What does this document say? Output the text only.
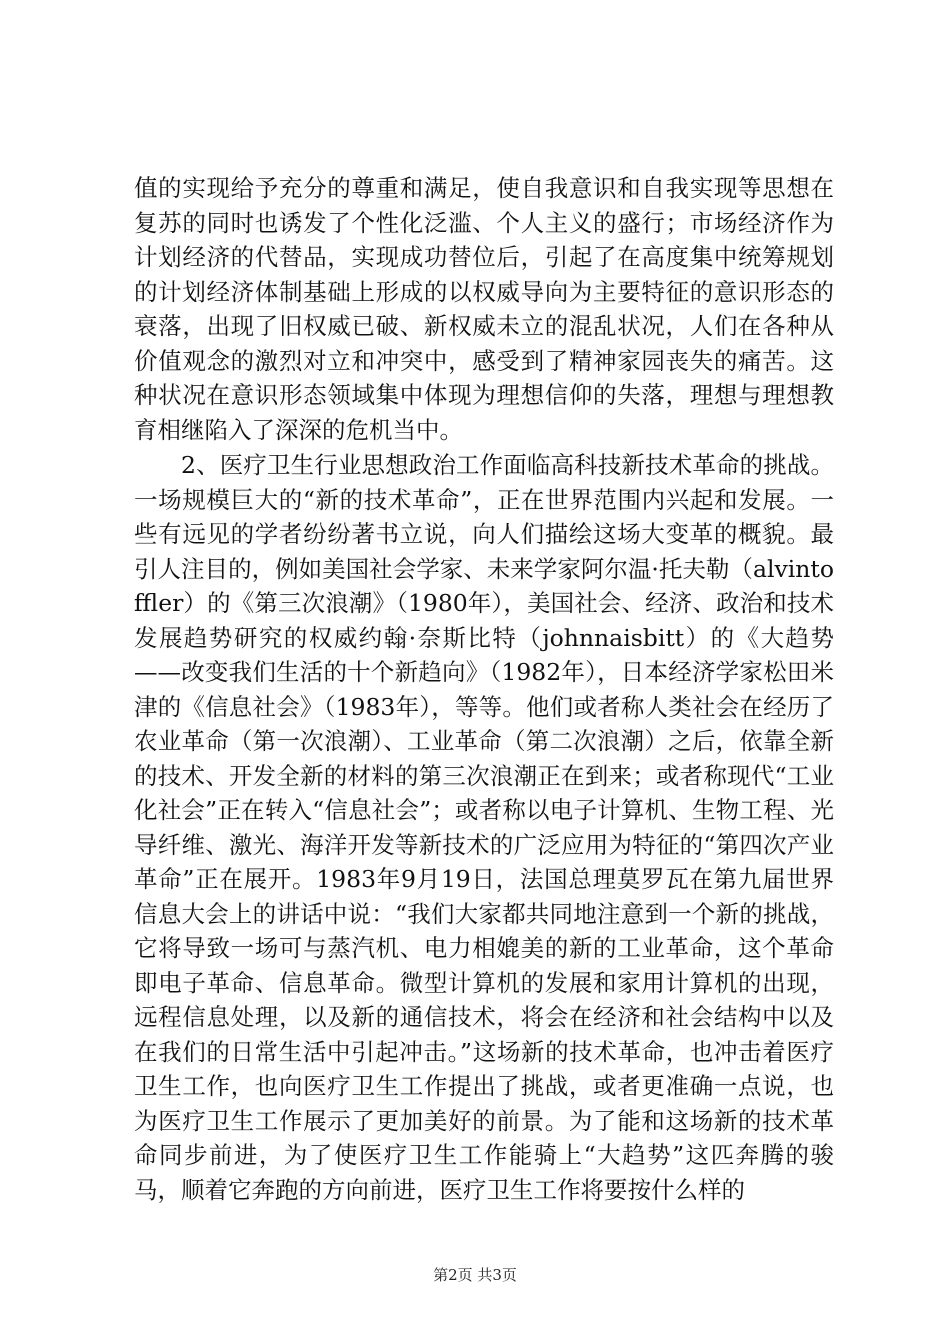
值的实现给予充分的尊重和满足，使自我意识和自我实现等思想在复苏的同时也诱发了个性化泛滥、个人主义的盛行；市场经济作为计划经济的代替品，实现成功替位后，引起了在高度集中统筹规划的计划经济体制基础上形成的以权威导向为主要特征的意识形态的衰落，出现了旧权威已破、新权威未立的混乱状况，人们在各种从价值观念的激烈对立和冲突中，感受到了精神家园丧失的痛苦。这种状况在意识形态领域集中体现为理想信仰的失落，理想与理想教育相继陷入了深深的危机当中。

2、医疗卫生行业思想政治工作面临高科技新技术革命的挑战。一场规模巨大的“新的技术革命”，正在世界范围内兴起和发展。一些有远见的学者纷纷著书立说，向人们描绘这场大变革的概貌。最引人注目的，例如美国社会学家、未来学家阿尔温·托夫勒（alvintoffler）的《第三次浪潮》（1980年），美国社会、经济、政治和技术发展趋势研究的权威约翰·奈斯比特（johnnaisbitt）的《大趋势——改变我们生活的十个新趋向》（1982年），日本经济学家松田米津的《信息社会》（1983年），等等。他们或者称人类社会在经历了农业革命（第一次浪潮）、工业革命（第二次浪潮）之后，依靠全新的技术、开发全新的材料的第三次浪潮正在到来；或者称现代“工业化社会”正在转入“信息社会”；或者称以电子计算机、生物工程、光导纤维、激光、海洋开发等新技术的广泛应用为特征的“第四次产业革命”正在展开。1983年9月19日，法国总理莫罗瓦在第九届世界信息大会上的讲话中说：“我们大家都共同地注意到一个新的挑战，它将导致一场可与蒸汽机、电力相媲美的新的工业革命，这个革命即电子革命、信息革命。微型计算机的发展和家用计算机的出现，远程信息处理，以及新的通信技术，将会在经济和社会结构中以及在我们的日常生活中引起冲击。”这场新的技术革命，也冲击着医疗卫生工作，也向医疗卫生工作提出了挑战，或者更准确一点说，也为医疗卫生工作展示了更加美好的前景。为了能和这场新的技术革命同步前进，为了使医疗卫生工作能骑上“大趋势”这匹奔腾的骏马，顺着它奔跑的方向前进，医疗卫生工作将要按什么样的

第2页 共3页
